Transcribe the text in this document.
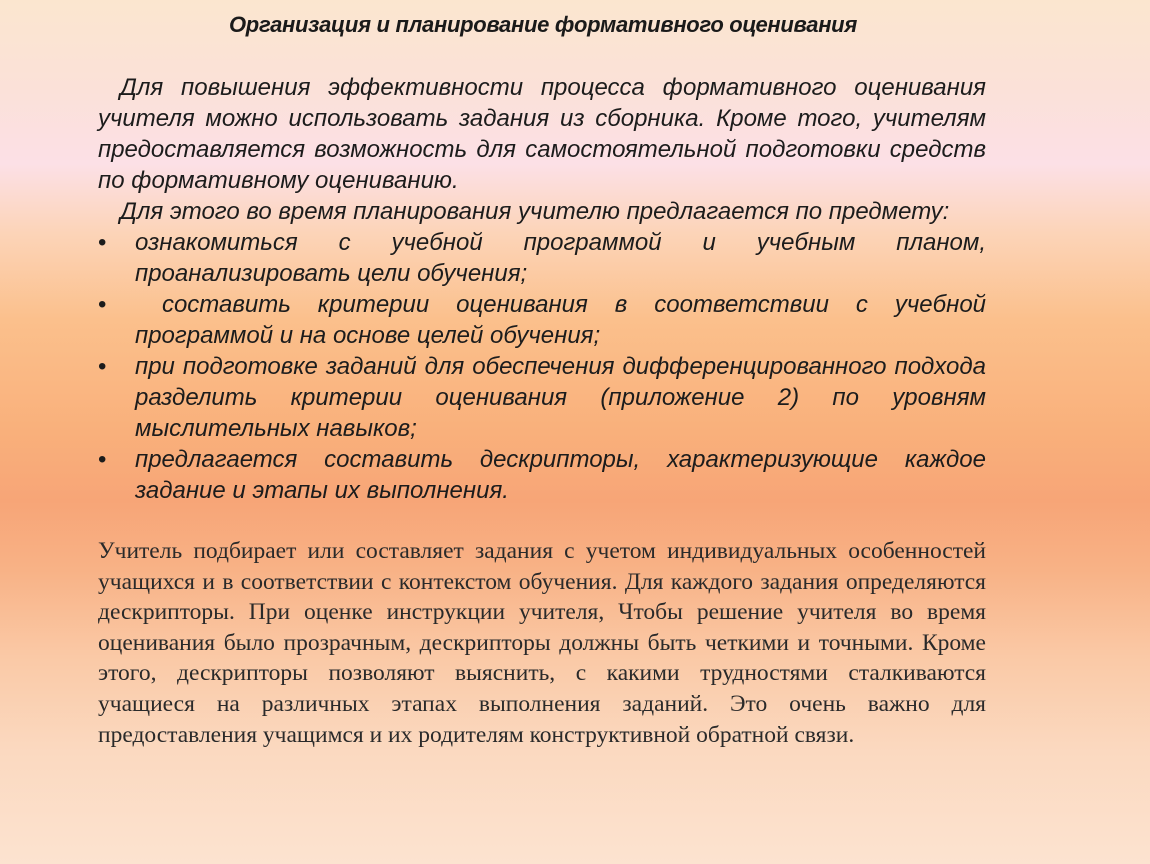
Организация и планирование формативного оценивания

Для повышения эффективности процесса формативного оценивания учителя можно использовать задания из сборника. Кроме того, учителям предоставляется возможность для самостоятельной подготовки средств по формативному оцениванию.

Для этого во время планирования учителю предлагается по предмету:

• ознакомиться с учебной программой и учебным планом, проанализировать цели обучения;
• составить критерии оценивания в соответствии с учебной программой и на основе целей обучения;
• при подготовке заданий для обеспечения дифференцированного подхода разделить критерии оценивания (приложение 2) по уровням мыслительных навыков;
• предлагается составить дескрипторы, характеризующие каждое задание и этапы их выполнения.

Учитель подбирает или составляет задания с учетом индивидуальных особенностей учащихся и в соответствии с контекстом обучения. Для каждого задания определяются дескрипторы. При оценке инструкции учителя, Чтобы решение учителя во время оценивания было прозрачным, дескрипторы должны быть четкими и точными. Кроме этого, дескрипторы позволяют выяснить, с какими трудностями сталкиваются учащиеся на различных этапах выполнения заданий. Это очень важно для предоставления учащимся и их родителям конструктивной обратной связи.
